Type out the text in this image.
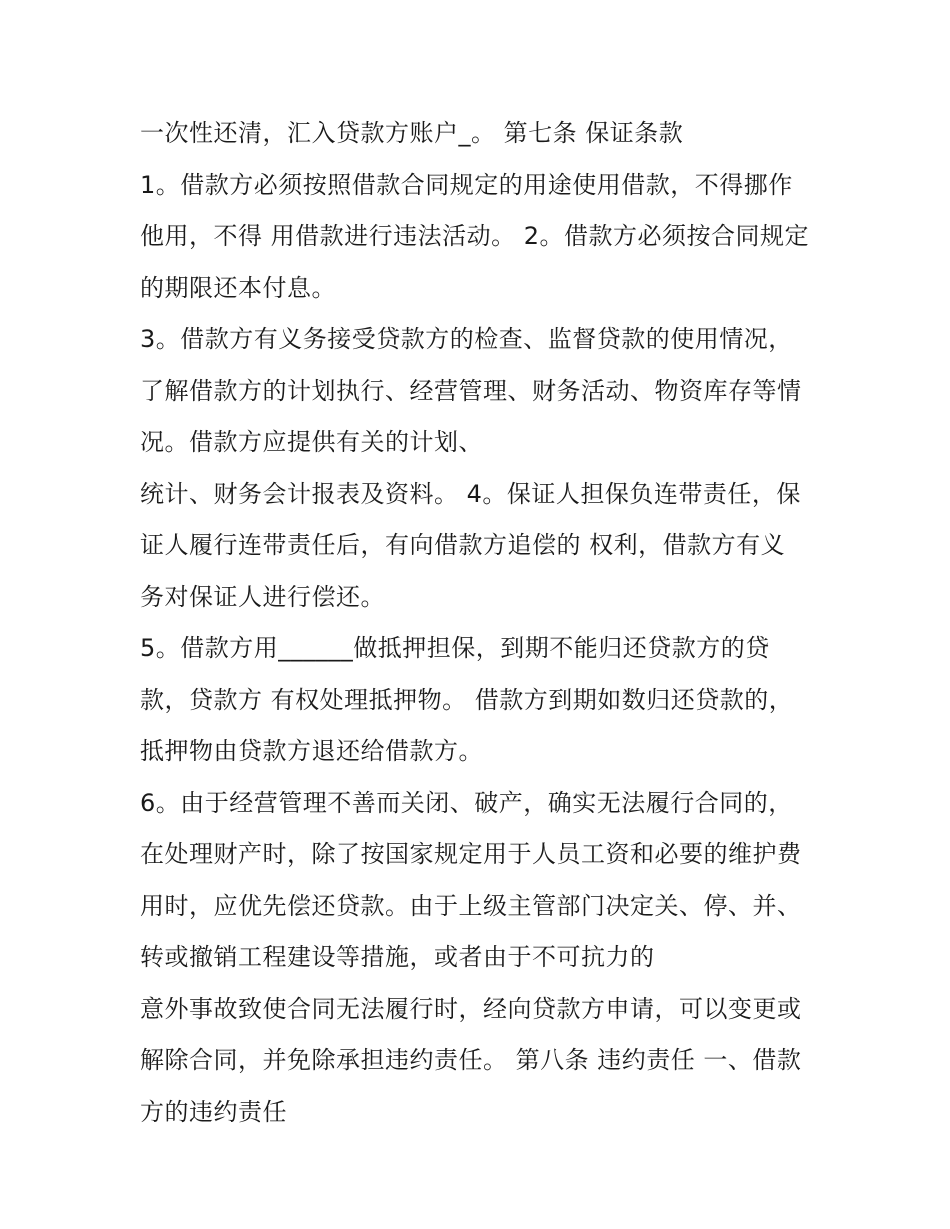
一次性还清，汇入贷款方账户_。 第七条 保证条款
1。借款方必须按照借款合同规定的用途使用借款，不得挪作
他用，不得 用借款进行违法活动。 2。借款方必须按合同规定
的期限还本付息。
3。借款方有义务接受贷款方的检查、监督贷款的使用情况，
了解借款方的计划执行、经营管理、财务活动、物资库存等情
况。借款方应提供有关的计划、
统计、财务会计报表及资料。 4。保证人担保负连带责任，保
证人履行连带责任后，有向借款方追偿的 权利，借款方有义
务对保证人进行偿还。
5。借款方用______做抵押担保，到期不能归还贷款方的贷
款，贷款方 有权处理抵押物。 借款方到期如数归还贷款的，
抵押物由贷款方退还给借款方。
6。由于经营管理不善而关闭、破产，确实无法履行合同的，
在处理财产时，除了按国家规定用于人员工资和必要的维护费
用时，应优先偿还贷款。由于上级主管部门决定关、停、并、
转或撤销工程建设等措施，或者由于不可抗力的
意外事故致使合同无法履行时，经向贷款方申请，可以变更或
解除合同，并免除承担违约责任。 第八条 违约责任 一、借款
方的违约责任
